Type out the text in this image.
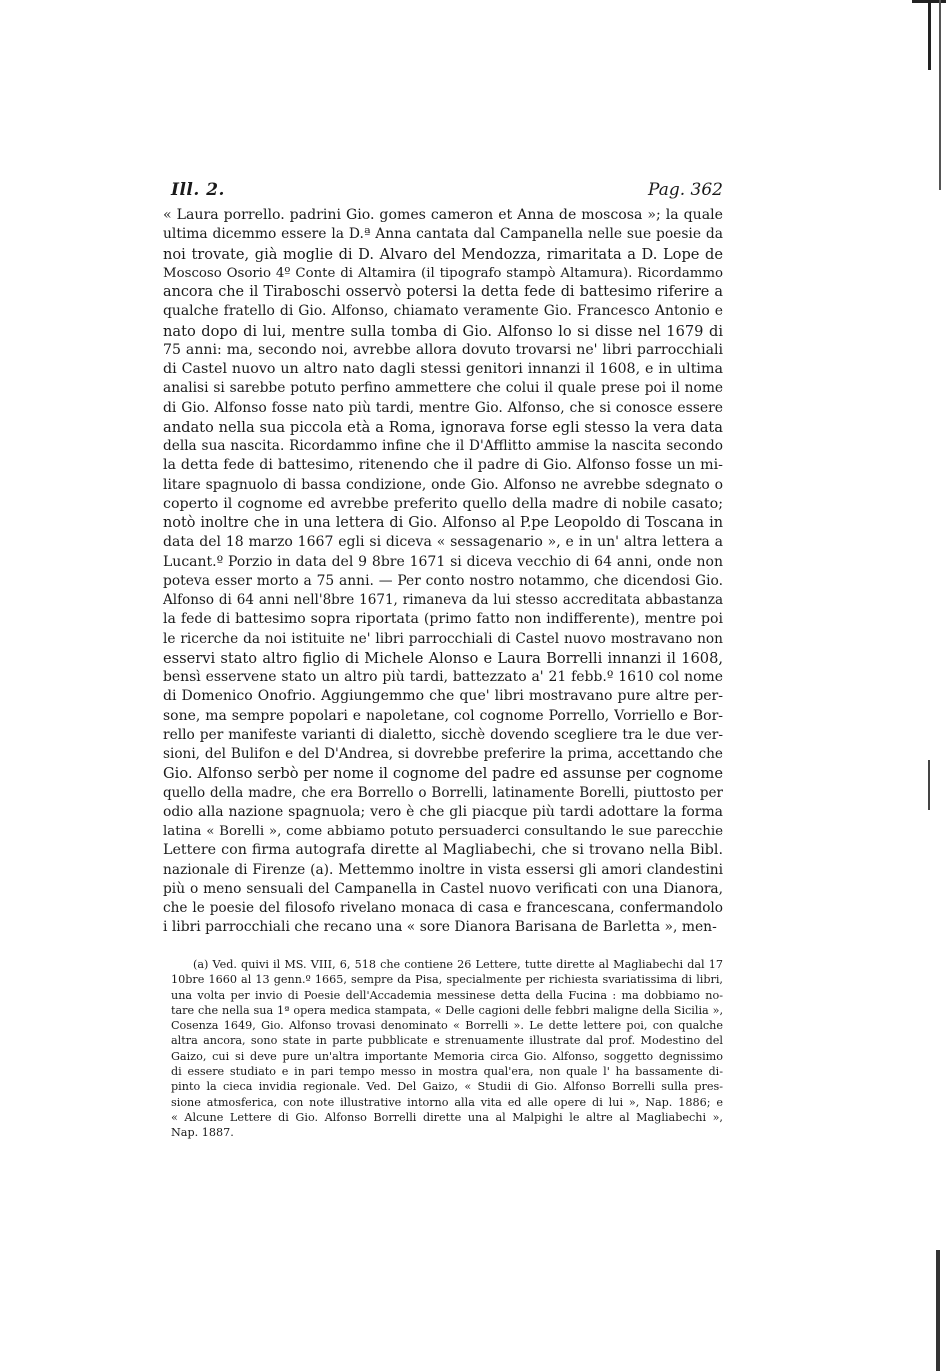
Ill. 2.	Pag. 362
« Laura porrello. padrini Gio. gomes cameron et Anna de moscosa »; la quale
ultima dicemmo essere la D.ª Anna cantata dal Campanella nelle sue poesie da
noi trovate, già moglie di D. Alvaro del Mendozza, rimaritata a D. Lope de
Moscoso Osorio 4º Conte di Altamira (il tipografo stampò Altamura). Ricordammo
ancora che il Tiraboschi osservò potersi la detta fede di battesimo riferire a
qualche fratello di Gio. Alfonso, chiamato veramente Gio. Francesco Antonio e
nato dopo di lui, mentre sulla tomba di Gio. Alfonso lo si disse nel 1679 di
75 anni: ma, secondo noi, avrebbe allora dovuto trovarsi ne' libri parrocchiali
di Castel nuovo un altro nato dagli stessi genitori innanzi il 1608, e in ultima
analisi si sarebbe potuto perfino ammettere che colui il quale prese poi il nome
di Gio. Alfonso fosse nato più tardi, mentre Gio. Alfonso, che si conosce essere
andato nella sua piccola età a Roma, ignorava forse egli stesso la vera data
della sua nascita. Ricordammo infine che il D'Afflitto ammise la nascita secondo
la detta fede di battesimo, ritenendo che il padre di Gio. Alfonso fosse un mi-
litare spagnuolo di bassa condizione, onde Gio. Alfonso ne avrebbe sdegnato o
coperto il cognome ed avrebbe preferito quello della madre di nobile casato;
notò inoltre che in una lettera di Gio. Alfonso al P.pe Leopoldo di Toscana in
data del 18 marzo 1667 egli si diceva « sessagenario », e in un' altra lettera a
Lucant.º Porzio in data del 9 8bre 1671 si diceva vecchio di 64 anni, onde non
poteva esser morto a 75 anni. — Per conto nostro notammo, che dicendosi Gio.
Alfonso di 64 anni nell'8bre 1671, rimaneva da lui stesso accreditata abbastanza
la fede di battesimo sopra riportata (primo fatto non indifferente), mentre poi
le ricerche da noi istituite ne' libri parrocchiali di Castel nuovo mostravano non
esservi stato altro figlio di Michele Alonso e Laura Borrelli innanzi il 1608,
bensì esservene stato un altro più tardi, battezzato a' 21 febb.º 1610 col nome
di Domenico Onofrio. Aggiungemmo che que' libri mostravano pure altre per-
sone, ma sempre popolari e napoletane, col cognome Porrello, Vorriello e Bor-
rello per manifeste varianti di dialetto, sicchè dovendo scegliere tra le due ver-
sioni, del Bulifon e del D'Andrea, si dovrebbe preferire la prima, accettando che
Gio. Alfonso serbò per nome il cognome del padre ed assunse per cognome
quello della madre, che era Borrello o Borrelli, latinamente Borelli, piuttosto per
odio alla nazione spagnuola; vero è che gli piacque più tardi adottare la forma
latina « Borelli », come abbiamo potuto persuaderci consultando le sue parecchie
Lettere con firma autografa dirette al Magliabechi, che si trovano nella Bibl.
nazionale di Firenze (a). Mettemmo inoltre in vista essersi gli amori clandestini
più o meno sensuali del Campanella in Castel nuovo verificati con una Dianora,
che le poesie del filosofo rivelano monaca di casa e francescana, confermandolo
i libri parrocchiali che recano una « sore Dianora Barisana de Barletta », men-
(a) Ved. quivi il MS. VIII, 6, 518 che contiene 26 Lettere, tutte dirette al Magliabechi dal 17
10bre 1660 al 13 genn.º 1665, sempre da Pisa, specialmente per richiesta svariatissima di libri,
una volta per invio di Poesie dell'Accademia messinese detta della Fucina : ma dobbiamo no-
tare che nella sua 1ª opera medica stampata, « Delle cagioni delle febbri maligne della Sicilia »,
Cosenza 1649, Gio. Alfonso trovasi denominato « Borrelli ». Le dette lettere poi, con qualche
altra ancora, sono state in parte pubblicate e strenuamente illustrate dal prof. Modestino del
Gaizo, cui si deve pure un'altra importante Memoria circa Gio. Alfonso, soggetto degnissimo
di essere studiato e in pari tempo messo in mostra qual'era, non quale l' ha bassamente di-
pinto la cieca invidia regionale. Ved. Del Gaizo, « Studii di Gio. Alfonso Borrelli sulla pres-
sione atmosferica, con note illustrative intorno alla vita ed alle opere di lui », Nap. 1886; e
« Alcune Lettere di Gio. Alfonso Borrelli dirette una al Malpighi le altre al Magliabechi »,
Nap. 1887.
